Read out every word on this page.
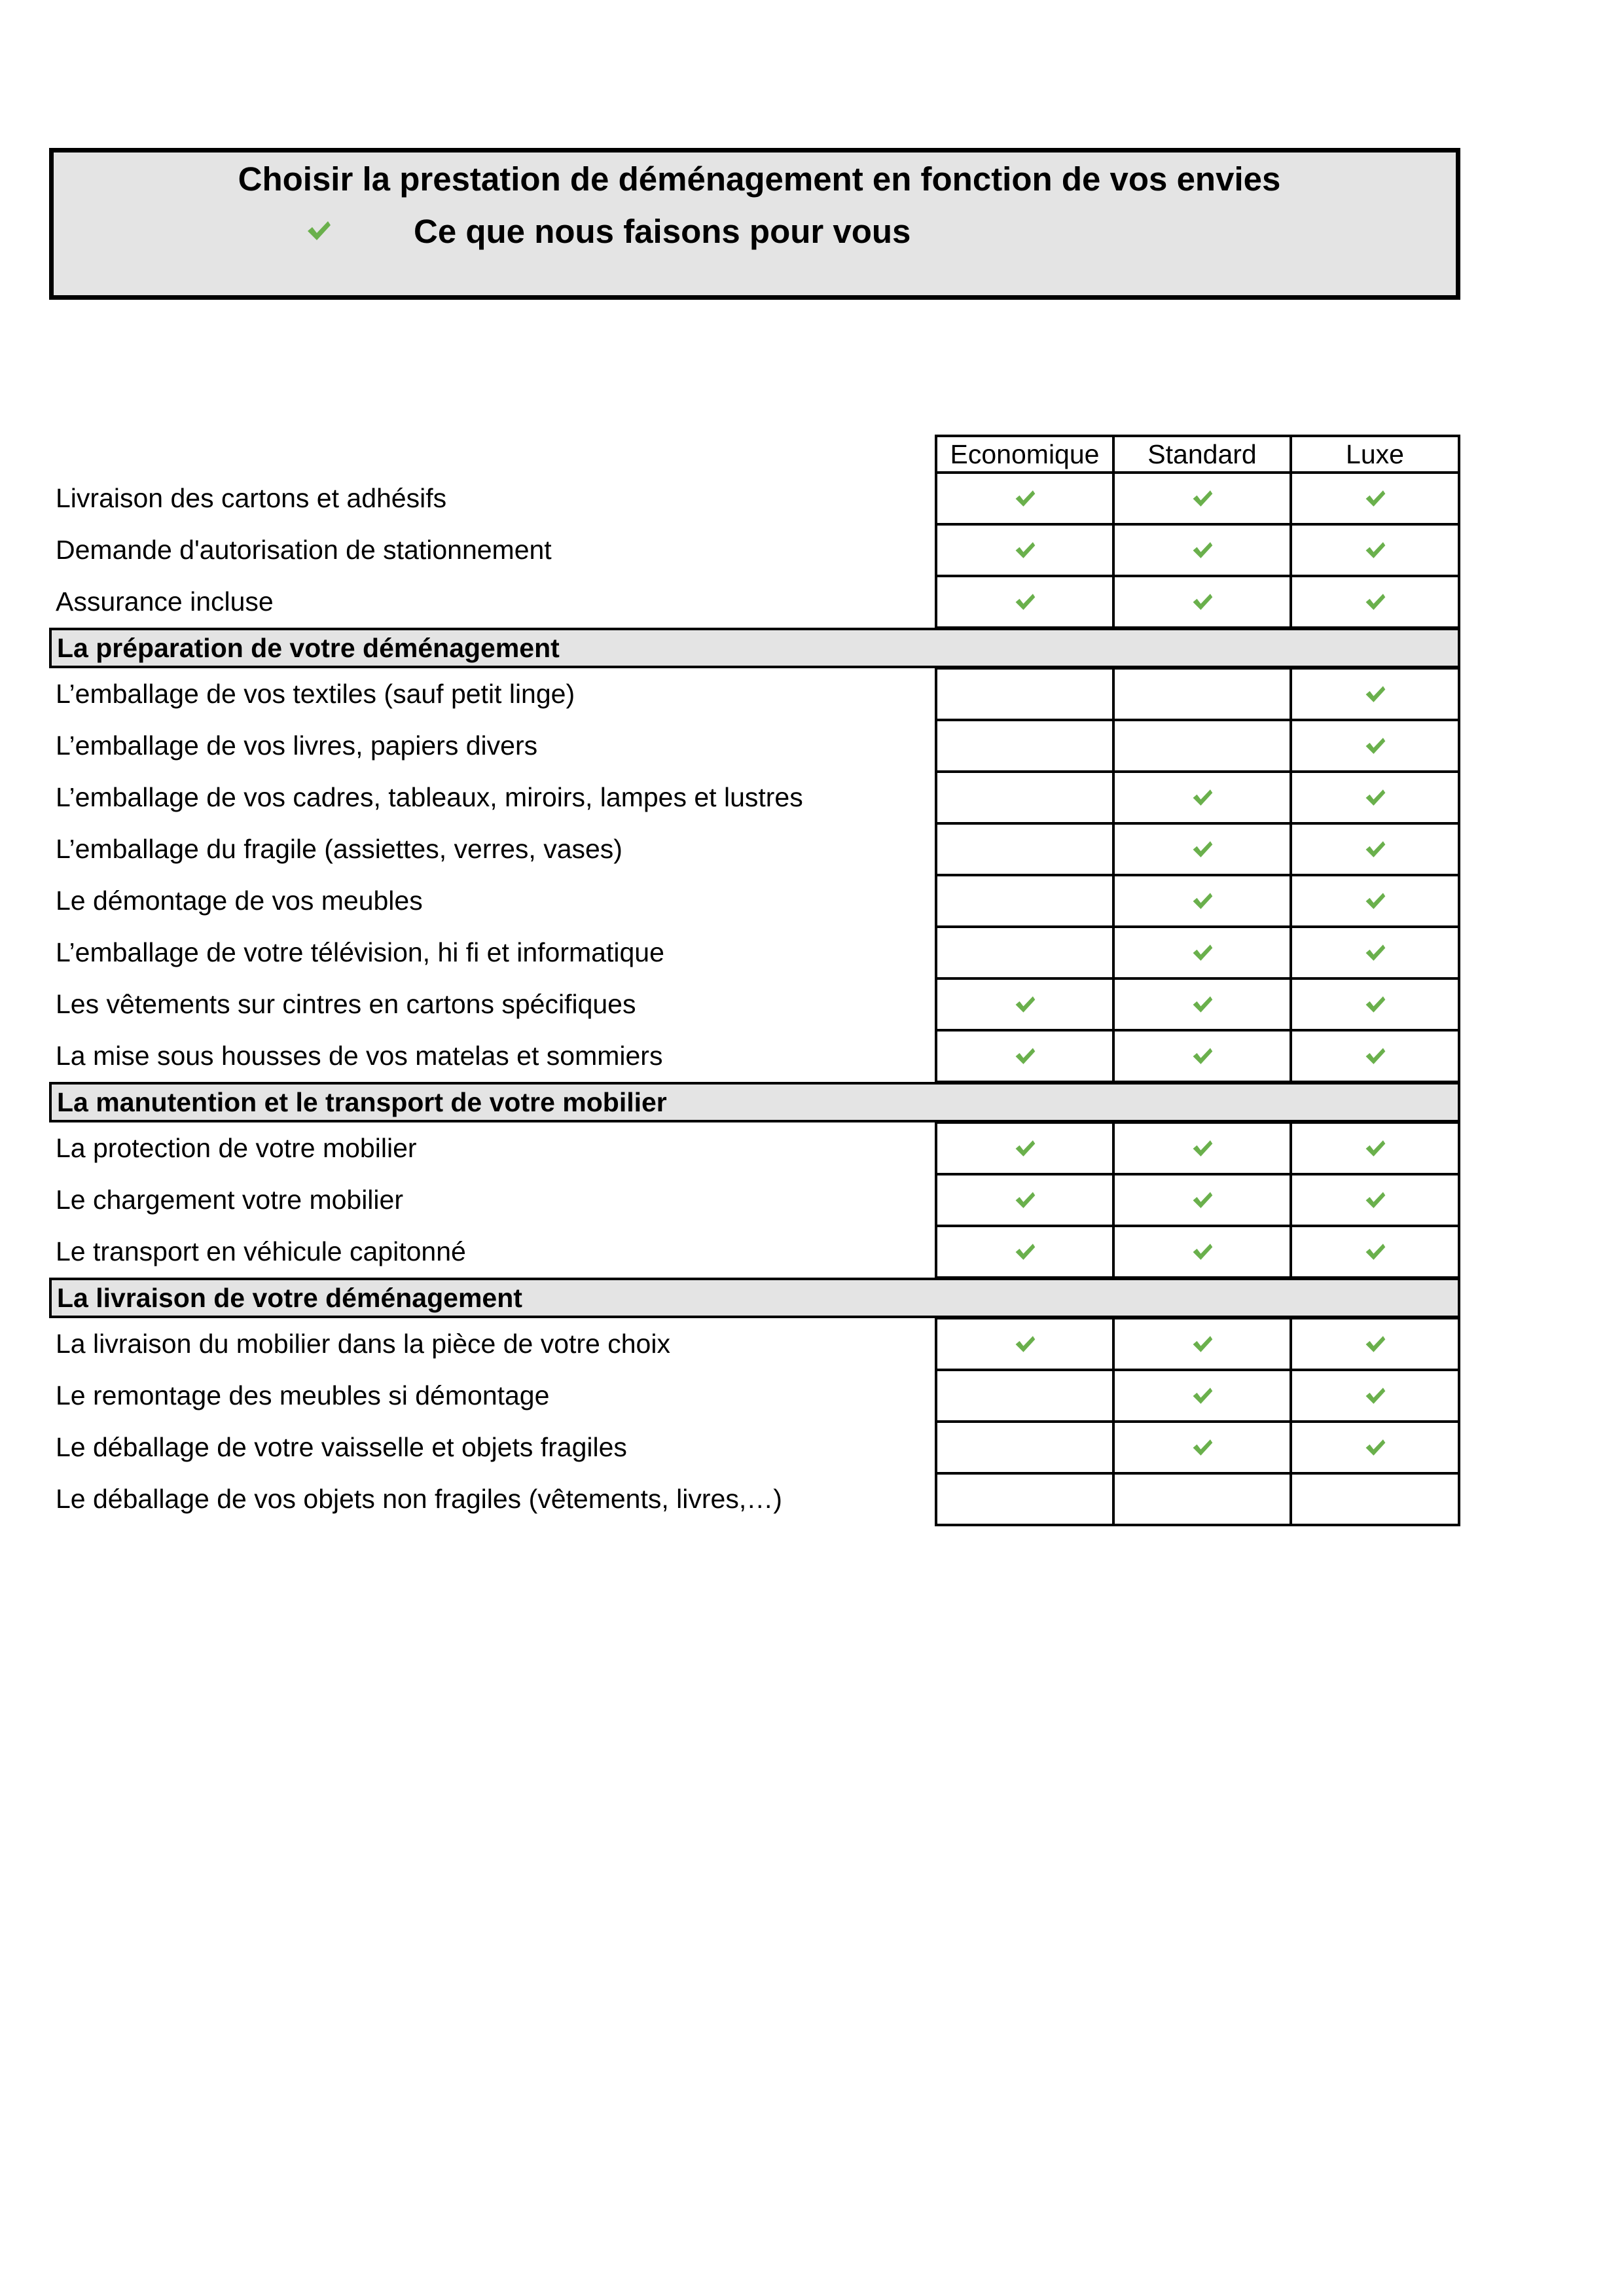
Choisir la prestation de déménagement en fonction de vos envies
Ce que nous faisons pour vous
Economique	Standard	Luxe
Livraison des cartons et adhésifs
Demande d'autorisation de stationnement
Assurance incluse
La préparation de votre déménagement
L’emballage de vos textiles (sauf petit linge)
L’emballage de vos livres, papiers divers
L’emballage de vos cadres, tableaux, miroirs, lampes et lustres
L’emballage du fragile (assiettes, verres, vases)
Le démontage de vos meubles
L’emballage de votre télévision, hi fi et informatique
Les vêtements sur cintres en cartons spécifiques
La mise sous housses de vos matelas et sommiers
La manutention et le transport de votre mobilier
La protection de votre mobilier
Le chargement votre mobilier
Le transport en véhicule capitonné
La livraison de votre déménagement
La livraison du mobilier dans la pièce de votre choix
Le remontage des meubles si démontage
Le déballage de votre vaisselle et objets fragiles
Le déballage de vos objets non fragiles (vêtements, livres,…)
